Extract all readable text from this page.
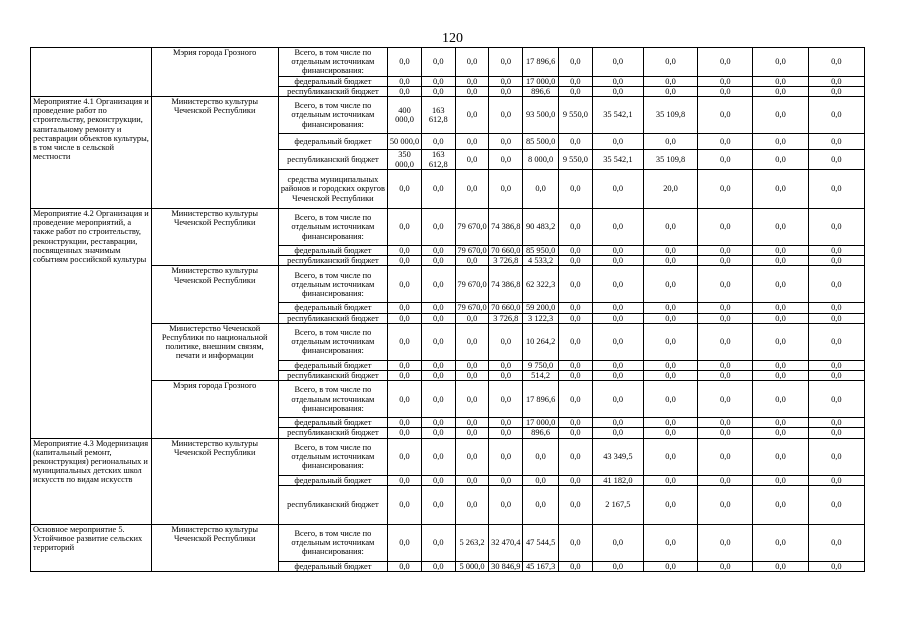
120
	Мэрия города Грозного	Всего, в том числе по отдельным источникам финансирования:	0,0	0,0	0,0	0,0	17 896,6	0,0	0,0	0,0	0,0	0,0	0,0
		федеральный бюджет	0,0	0,0	0,0	0,0	17 000,0	0,0	0,0	0,0	0,0	0,0	0,0
		республиканский бюджет	0,0	0,0	0,0	0,0	896,6	0,0	0,0	0,0	0,0	0,0	0,0
Мероприятие 4.1 Организация и проведение работ по строительству, реконструкции, капитальному ремонту и реставрации объектов культуры, в том числе в сельской местности	Министерство культуры Чеченской Республики	Всего, в том числе по отдельным источникам финансирования:	400 000,0	163 612,8	0,0	0,0	93 500,0	9 550,0	35 542,1	35 109,8	0,0	0,0	0,0
		федеральный бюджет	50 000,0	0,0	0,0	0,0	85 500,0	0,0	0,0	0,0	0,0	0,0	0,0
		республиканский бюджет	350 000,0	163 612,8	0,0	0,0	8 000,0	9 550,0	35 542,1	35 109,8	0,0	0,0	0,0
		средства муниципальных районов и городских округов Чеченской Республики	0,0	0,0	0,0	0,0	0,0	0,0	0,0	20,0	0,0	0,0	0,0
Мероприятие 4.2 Организация и проведение мероприятий, а также работ по строительству, реконструкции, реставрации, посвященных значимым событиям российской культуры	Министерство культуры Чеченской Республики	Всего, в том числе по отдельным источникам финансирования:	0,0	0,0	79 670,0	74 386,8	90 483,2	0,0	0,0	0,0	0,0	0,0	0,0
		федеральный бюджет	0,0	0,0	79 670,0	70 660,0	85 950,0	0,0	0,0	0,0	0,0	0,0	0,0
		республиканский бюджет	0,0	0,0	0,0	3 726,8	4 533,2	0,0	0,0	0,0	0,0	0,0	0,0
	Министерство культуры Чеченской Республики	Всего, в том числе по отдельным источникам финансирования:	0,0	0,0	79 670,0	74 386,8	62 322,3	0,0	0,0	0,0	0,0	0,0	0,0
		федеральный бюджет	0,0	0,0	79 670,0	70 660,0	59 200,0	0,0	0,0	0,0	0,0	0,0	0,0
		республиканский бюджет	0,0	0,0	0,0	3 726,8	3 122,3	0,0	0,0	0,0	0,0	0,0	0,0
	Министерство Чеченской Республики по национальной политике, внешним связям, печати и информации	Всего, в том числе по отдельным источникам финансирования:	0,0	0,0	0,0	0,0	10 264,2	0,0	0,0	0,0	0,0	0,0	0,0
		федеральный бюджет	0,0	0,0	0,0	0,0	9 750,0	0,0	0,0	0,0	0,0	0,0	0,0
		республиканский бюджет	0,0	0,0	0,0	0,0	514,2	0,0	0,0	0,0	0,0	0,0	0,0
	Мэрия города Грозного	Всего, в том числе по отдельным источникам финансирования:	0,0	0,0	0,0	0,0	17 896,6	0,0	0,0	0,0	0,0	0,0	0,0
		федеральный бюджет	0,0	0,0	0,0	0,0	17 000,0	0,0	0,0	0,0	0,0	0,0	0,0
		республиканский бюджет	0,0	0,0	0,0	0,0	896,6	0,0	0,0	0,0	0,0	0,0	0,0
Мероприятие 4.3 Модернизация (капитальный ремонт, реконструкция) региональных и муниципальных детских школ искусств по видам искусств	Министерство культуры Чеченской Республики	Всего, в том числе по отдельным источникам финансирования:	0,0	0,0	0,0	0,0	0,0	0,0	43 349,5	0,0	0,0	0,0	0,0
		федеральный бюджет	0,0	0,0	0,0	0,0	0,0	0,0	41 182,0	0,0	0,0	0,0	0,0
		республиканский бюджет	0,0	0,0	0,0	0,0	0,0	0,0	2 167,5	0,0	0,0	0,0	0,0
Основное мероприятие 5. Устойчивое развитие сельских территорий	Министерство культуры Чеченской Республики	Всего, в том числе по отдельным источникам финансирования:	0,0	0,0	5 263,2	32 470,4	47 544,5	0,0	0,0	0,0	0,0	0,0	0,0
		федеральный бюджет	0,0	0,0	5 000,0	30 846,9	45 167,3	0,0	0,0	0,0	0,0	0,0	0,0
